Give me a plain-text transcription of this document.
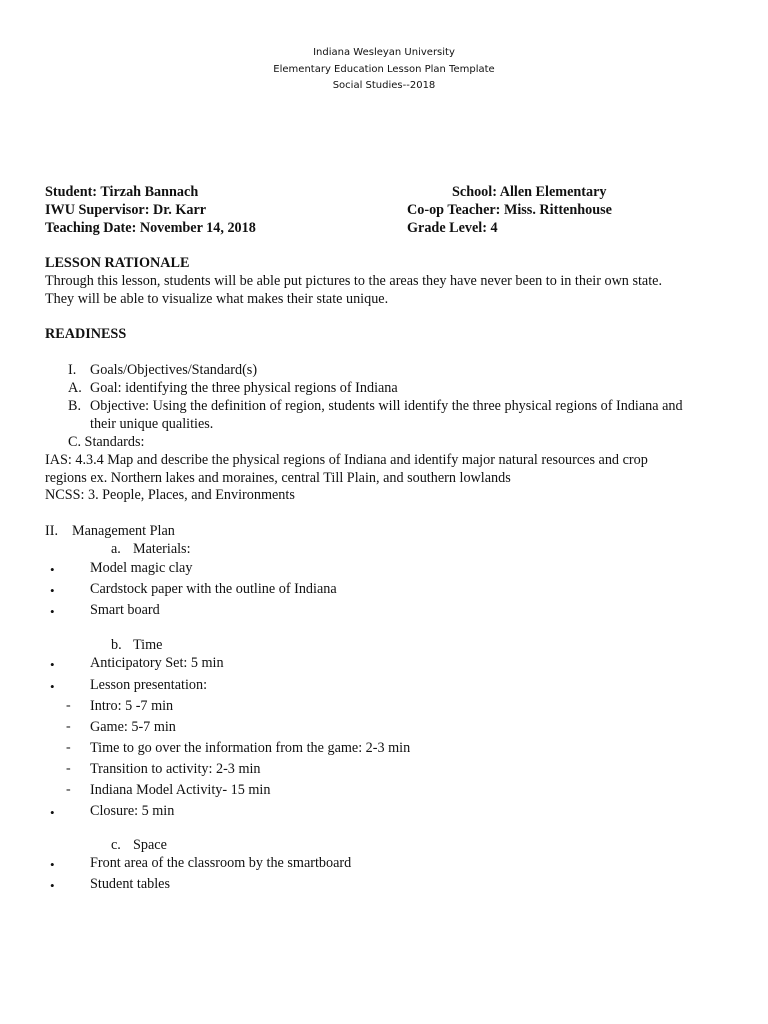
Indiana Wesleyan University
Elementary Education Lesson Plan Template
Social Studies--2018
Student: Tirzah Bannach	School: Allen Elementary
IWU Supervisor: Dr. Karr	Co-op Teacher: Miss. Rittenhouse
Teaching Date: November 14, 2018	Grade Level: 4
LESSON RATIONALE
Through this lesson, students will be able put pictures to the areas they have never been to in their own state.
They will be able to visualize what makes their state unique.
READINESS
I. Goals/Objectives/Standard(s)
A. Goal: identifying the three physical regions of Indiana
B. Objective: Using the definition of region, students will identify the three physical regions of Indiana and
their unique qualities.
C. Standards:
IAS: 4.3.4 Map and describe the physical regions of Indiana and identify major natural resources and crop
regions ex. Northern lakes and moraines, central Till Plain, and southern lowlands
NCSS: 3. People, Places, and Environments
II. Management Plan
a. Materials:
• Model magic clay
• Cardstock paper with the outline of Indiana
• Smart board
b. Time
• Anticipatory Set: 5 min
• Lesson presentation:
- Intro: 5 -7 min
- Game: 5-7 min
- Time to go over the information from the game: 2-3 min
- Transition to activity: 2-3 min
- Indiana Model Activity- 15 min
• Closure: 5 min
c. Space
• Front area of the classroom by the smartboard
• Student tables
